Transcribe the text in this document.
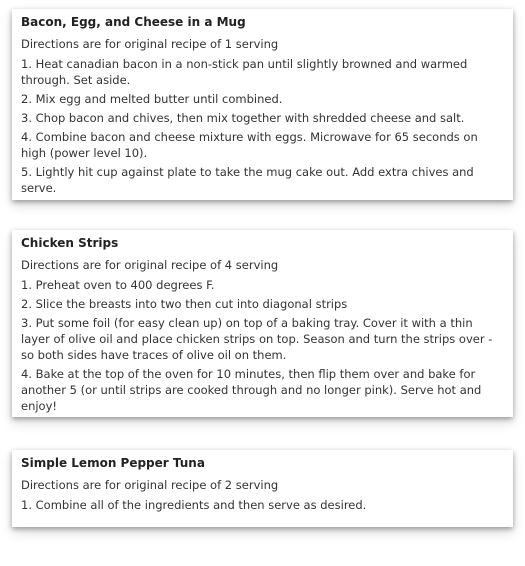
Bacon, Egg, and Cheese in a Mug
Directions are for original recipe of 1 serving
1. Heat canadian bacon in a non-stick pan until slightly browned and warmed through. Set aside.
2. Mix egg and melted butter until combined.
3. Chop bacon and chives, then mix together with shredded cheese and salt.
4. Combine bacon and cheese mixture with eggs. Microwave for 65 seconds on high (power level 10).
5. Lightly hit cup against plate to take the mug cake out. Add extra chives and serve.
Chicken Strips
Directions are for original recipe of 4 serving
1. Preheat oven to 400 degrees F.
2. Slice the breasts into two then cut into diagonal strips
3. Put some foil (for easy clean up) on top of a baking tray. Cover it with a thin layer of olive oil and place chicken strips on top. Season and turn the strips over - so both sides have traces of olive oil on them.
4. Bake at the top of the oven for 10 minutes, then flip them over and bake for another 5 (or until strips are cooked through and no longer pink). Serve hot and enjoy!
Simple Lemon Pepper Tuna
Directions are for original recipe of 2 serving
1. Combine all of the ingredients and then serve as desired.
